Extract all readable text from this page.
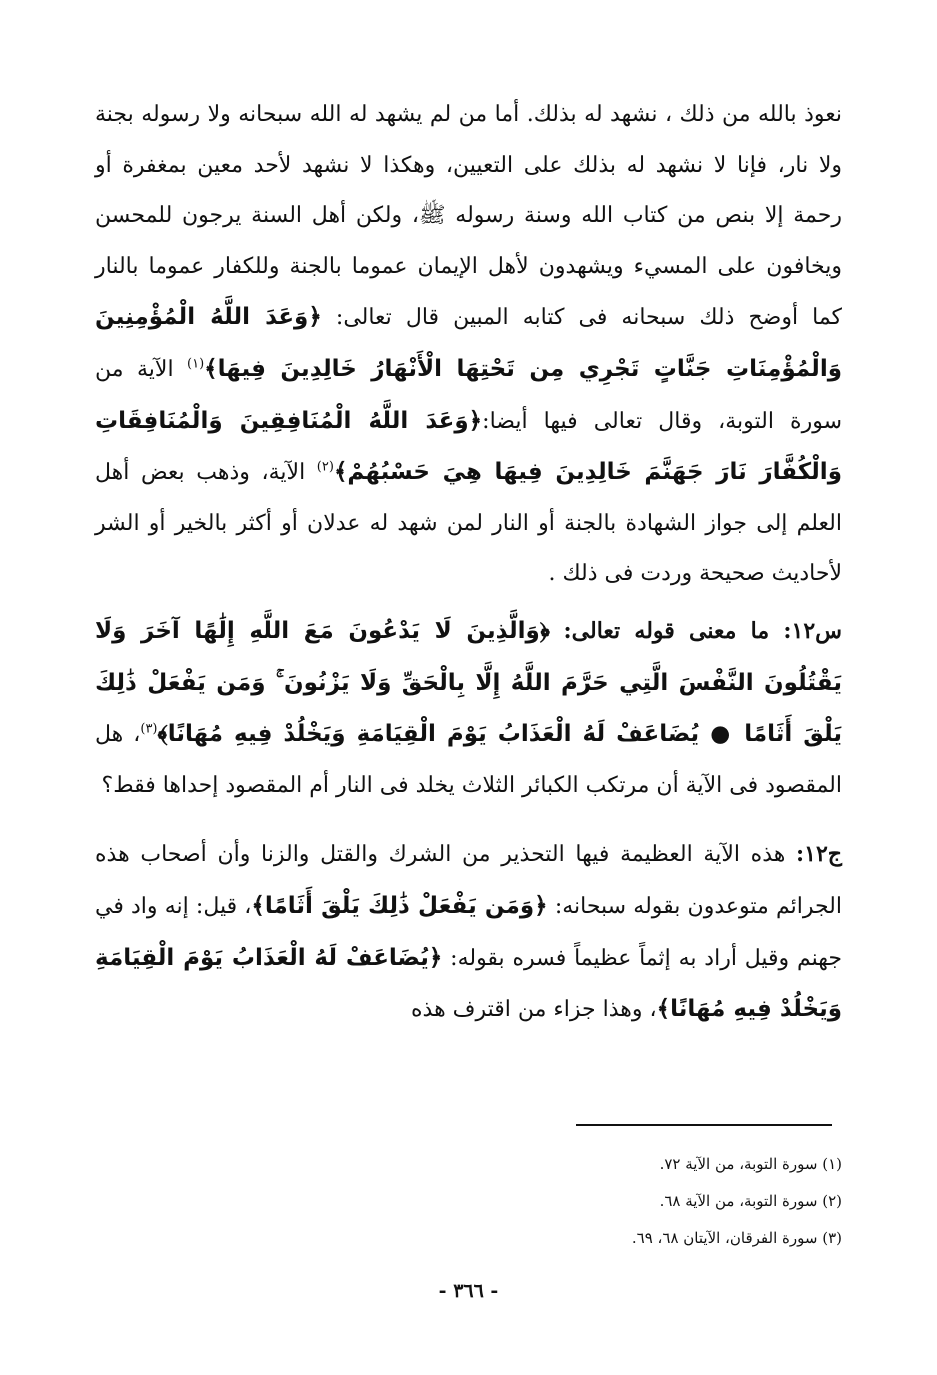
نعوذ بالله من ذلك ، نشهد له بذلك. أما من لم يشهد له الله سبحانه ولا رسوله بجنة ولا نار، فإنا لا نشهد له بذلك على التعيين، وهكذا لا نشهد لأحد معين بمغفرة أو رحمة إلا بنص من كتاب الله وسنة رسوله ﷺ، ولكن أهل السنة يرجون للمحسن ويخافون على المسيء ويشهدون لأهل الإيمان عموما بالجنة وللكفار عموما بالنار كما أوضح ذلك سبحانه فى كتابه المبين قال تعالى: ﴿وَعَدَ اللَّهُ الْمُؤْمِنِينَ وَالْمُؤْمِنَاتِ جَنَّاتٍ تَجْرِي مِن تَحْتِهَا الْأَنْهَارُ خَالِدِينَ فِيهَا﴾$^{(١)}$ الآية من سورة التوبة، وقال تعالى فيها أيضا:﴿وَعَدَ اللَّهُ الْمُنَافِقِينَ وَالْمُنَافِقَاتِ وَالْكُفَّارَ نَارَ جَهَنَّمَ خَالِدِينَ فِيهَا هِيَ حَسْبُهُمْ﴾$^{(٢)}$ الآية، وذهب بعض أهل العلم إلى جواز الشهادة بالجنة أو النار لمن شهد له عدلان أو أكثر بالخير أو الشر لأحاديث صحيحة وردت فى ذلك .

س١٢: ما معنى قوله تعالى: ﴿وَالَّذِينَ لَا يَدْعُونَ مَعَ اللَّهِ إِلَٰهًا آخَرَ وَلَا يَقْتُلُونَ النَّفْسَ الَّتِي حَرَّمَ اللَّهُ إِلَّا بِالْحَقِّ وَلَا يَزْنُونَ ۚ وَمَن يَفْعَلْ ذَٰلِكَ يَلْقَ أَثَامًا ● يُضَاعَفْ لَهُ الْعَذَابُ يَوْمَ الْقِيَامَةِ وَيَخْلُدْ فِيهِ مُهَانًا﴾$^{(٣)}$، هل المقصود فى الآية أن مرتكب الكبائر الثلاث يخلد فى النار أم المقصود إحداها فقط؟

ج١٢: هذه الآية العظيمة فيها التحذير من الشرك والقتل والزنا وأن أصحاب هذه الجرائم متوعدون بقوله سبحانه: ﴿وَمَن يَفْعَلْ ذَٰلِكَ يَلْقَ أَثَامًا﴾، قيل: إنه واد في جهنم وقيل أراد به إثماً عظيماً فسره بقوله: ﴿يُضَاعَفْ لَهُ الْعَذَابُ يَوْمَ الْقِيَامَةِ وَيَخْلُدْ فِيهِ مُهَانًا﴾، وهذا جزاء من اقترف هذه

(١) سورة التوبة، من الآية ٧٢.

(٢) سورة التوبة، من الآية ٦٨.

(٣) سورة الفرقان، الآيتان ٦٨، ٦٩.

- ٣٦٦ -
